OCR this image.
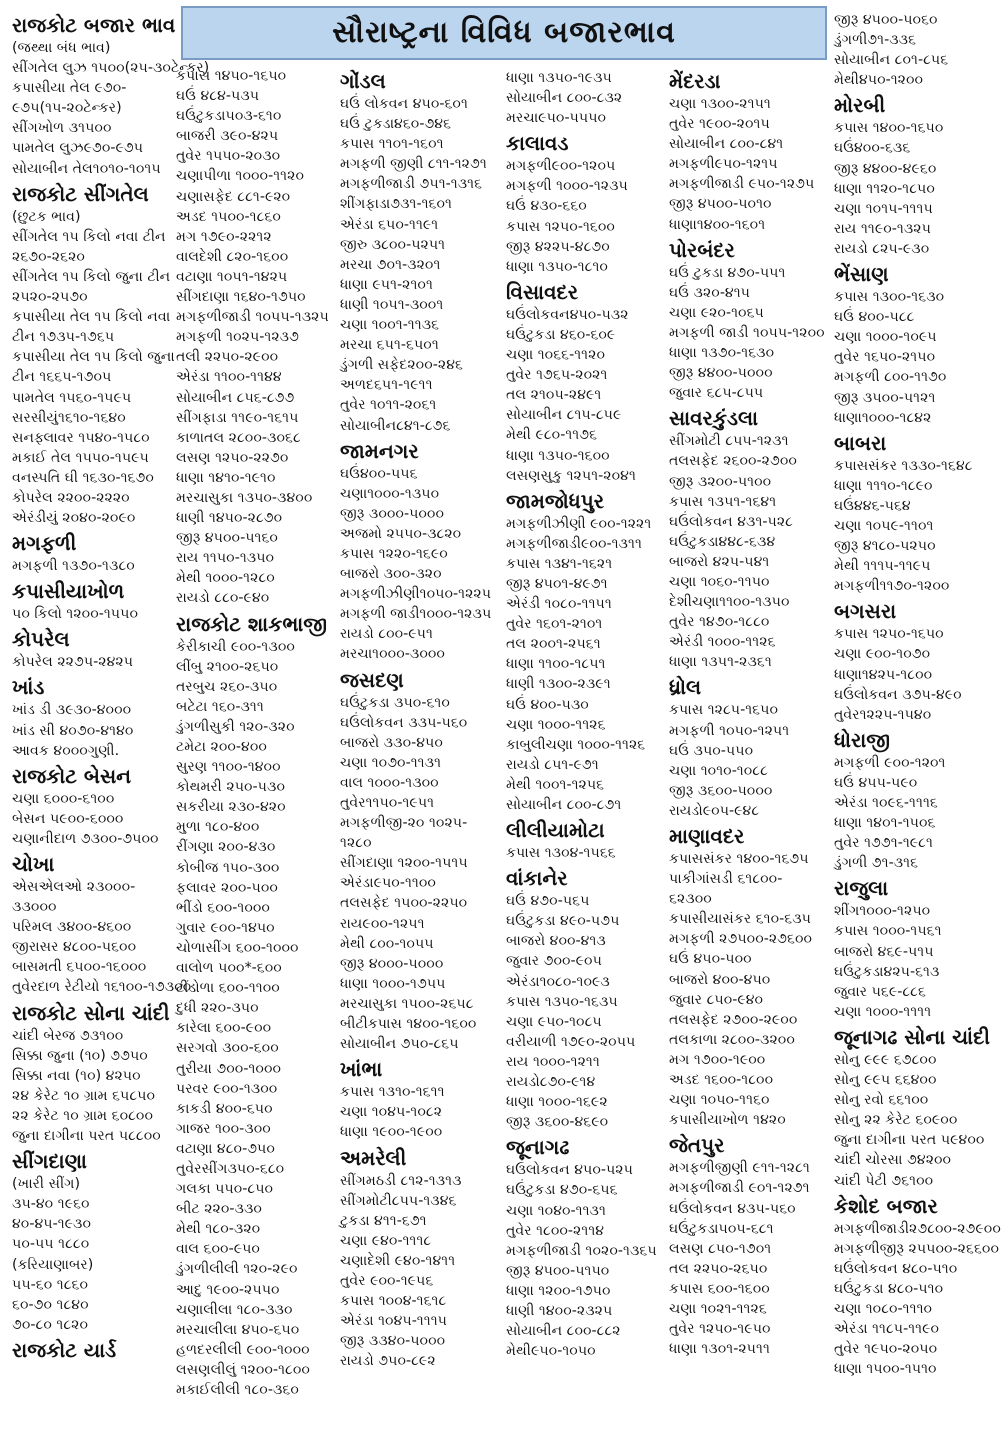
સૌરાષ્ટ્રના વિવિધ બજારભાવ
રાજકોટ બજાર ભાવ
(જથ્થા બંધ ભાવ)
સીંગતેલ લુઝ ૧૫૦૦(૨૫-૩૦ટેન્કર)
કપાસીયા તેલ ૯૭૦-
૯૭૫(૧૫-૨૦ટેન્કર)
સીંગખોળ ૩૧૫૦૦
પામતેલ લુઝ૯૭૦-૯૭૫
સોયાબીન તેલ૧૦૧૦-૧૦૧૫
રાજકોટ સીંગતેલ
(છુટક ભાવ)
સીંગતેલ ૧૫ કિલો નવા ટીન
૨૬૭૦-૨૬૨૦
સીંગતેલ ૧૫ કિલો જુના ટીન
૨૫૨૦-૨૫૭૦
કપાસીયા તેલ ૧૫ કિલો નવા
ટીન ૧૭૩૫-૧૭૬૫
કપાસીયા તેલ ૧૫ કિલો જુના
ટીન ૧૬૬૫-૧૭૦૫
પામતેલ ૧૫૬૦-૧૫૯૫
સરસીયું૧૬૧૦-૧૬૪૦
સનફ્લાવર ૧૫૪૦-૧૫૮૦
મકાઈ તેલ ૧૫૫૦-૧૫૯૫
વનસ્પતિ ઘી ૧૬૩૦-૧૬૭૦
કોપરેલ ૨૨૦૦-૨૨૨૦
એરંડીયું ૨૦૪૦-૨૦૯૦
મગફળી
મગફળી ૧૩૭૦-૧૩૮૦
કપાસીયાખોળ
૫૦ કિલો ૧૨૦૦-૧૫૫૦
કોપરેલ
કોપરેલ ૨૨૭૫-૨૪૨૫
ખાંડ
ખાંડ ડી ૩૯૩૦-૪૦૦૦
ખાંડ સી ૪૦૭૦-૪૧૪૦
આવક ૪૦૦૦ગુણી.
રાજકોટ બેસન
ચણા ૬૦૦૦-૬૧૦૦
બેસન ૫૯૦૦-૬૦૦૦
ચણાનીદાળ ૭૩૦૦-૭૫૦૦
ચોખા
એસએલઓ ૨૩૦૦૦-
૩૩૦૦૦
પરિમલ ૩૪૦૦-૪૬૦૦
જીરાસર ૪૮૦૦-૫૬૦૦
બાસમતી ૬૫૦૦-૧૬૦૦૦
તુવેરદાળ રેટીયો ૧૬૧૦૦-૧૭૩૦૦
રાજકોટ સોના ચાંદી
ચાંદી બેરજ ૭૩૧૦૦
સિક્કા જુના (૧૦) ૭૭૫૦
સિક્કા નવા (૧૦) ૪૨૫૦
૨૪ કેરેટ ૧૦ ગ્રામ ૬૫૮૫૦
૨૨ કેરેટ ૧૦ ગ્રામ ૬૦૮૦૦
જુના દાગીના પરત ૫૮૮૦૦
સીંગદાણા
(ખારી સીંગ)
૩૫-૪૦ ૧૯૬૦
૪૦-૪૫-૧૯૩૦
૫૦-૫૫ ૧૮૮૦
(કરિયાણાબર)
૫૫-૬૦ ૧૮૬૦
૬૦-૭૦ ૧૮૪૦
૭૦-૮૦ ૧૮૨૦
રાજકોટ યાર્ડ
કપાસ ૧૪૫૦-૧૬૫૦
ઘઉં ૪૮૪-૫૩૫
ઘઉંટુકડા૫૦૩-૬૧૦
બાજરી ૩૯૦-૪૨૫
તુવેર ૧૫૫૦-૨૦૩૦
ચણાપીળા ૧૦૦૦-૧૧૨૦
ચણાસફેદ ૮૮૧-૯૨૦
અડદ ૧૫૦૦-૧૮૬૦
મગ ૧૭૯૦-૨૨૧૨
વાલદેશી ૮૨૦-૧૬૦૦
વટાણા ૧૦૫૧-૧૪૨૫
સીંગદાણા ૧૬૪૦-૧૭૫૦
મગફળીજાડી ૧૦૫૫-૧૩૨૫
મગફળી ૧૦૨૫-૧૨૩૭
તલી ૨૨૫૦-૨૯૦૦
એરંડા ૧૧૦૦-૧૧૪૪
સોયાબીન ૮૫૬-૮૭૭
સીંગફાડા ૧૧૯૦-૧૬૧૫
કાળાતલ ૨૮૦૦-૩૦૬૮
લસણ ૧૨૫૦-૨૨૭૦
ધાણા ૧૪૧૦-૧૯૧૦
મરચાસુકા ૧૩૫૦-૩૪૦૦
ધાણી ૧૪૫૦-૨૮૭૦
જીરૂ ૪૫૦૦-૫૧૬૦
રાય ૧૧૫૦-૧૩૫૦
મેથી ૧૦૦૦-૧૨૮૦
રાયડો ૮૮૦-૯૪૦
રાજકોટ શાકભાજી
કેરીકાચી ૯૦૦-૧૩૦૦
લીંબુ ૨૧૦૦-૨૬૫૦
તરબુચ ૨૬૦-૩૫૦
બટેટા ૧૬૦-૩૧૧
ડુંગળીસુકી ૧૨૦-૩૨૦
ટમેટા ૨૦૦-૪૦૦
સુરણ ૧૧૦૦-૧૪૦૦
કોથમરી ૨૫૦-૫૩૦
સકરીયા ૨૩૦-૪૨૦
મુળા ૧૮૦-૪૦૦
રીંગણા ૨૦૦-૪૩૦
કોબીજ ૧૫૦-૩૦૦
ફલાવર ૨૦૦-૫૦૦
ભીંડો ૬૦૦-૧૦૦૦
ગુવાર ૯૦૦-૧૪૫૦
ચોળાસીંગ ૬૦૦-૧૦૦૦
વાલોળ ૫૦૦*-૬૦૦
ટીંડોળા ૬૦૦-૧૧૦૦
દુધી ૨૨૦-૩૫૦
કારેલા ૬૦૦-૯૦૦
સરગવો ૩૦૦-૬૦૦
તુરીયા ૭૦૦-૧૦૦૦
પરવર ૯૦૦-૧૩૦૦
કાકડી ૪૦૦-૬૫૦
ગાજર ૧૦૦-૩૦૦
વટાણા ૪૮૦-૭૫૦
તુવેરસીંગ૩૫૦-૬૮૦
ગલકા ૫૫૦-૮૫૦
બીટ ૨૨૦-૩૩૦
મેથી ૧૮૦-૩૨૦
વાલ ૬૦૦-૯૫૦
ડુંગળીલીલી ૧૨૦-૨૯૦
આદુ ૧૯૦૦-૨૫૫૦
ચણાલીલા ૧૮૦-૩૩૦
મરચાલીલા ૪૫૦-૬૫૦
હળદરલીલી ૯૦૦-૧૦૦૦
લસણલીલું ૧૨૦૦-૧૮૦૦
મકાઈલીલી ૧૮૦-૩૬૦
ગોંડલ
ઘઉં લોકવન ૪૫૦-૬૦૧
ઘઉં ટુકડા૪૬૦-૭૪૬
કપાસ ૧૧૦૧-૧૬૦૧
મગફળી જીણી ૮૧૧-૧૨૭૧
મગફળીજાડી ૭૫૧-૧૩૧૬
શીંગફાડા૭૩૧-૧૬૦૧
એરંડા ૬૫૦-૧૧૯૧
જીરુ ૩૮૦૦-૫૨૫૧
મરચા ૭૦૧-૩૨૦૧
ધાણા ૯૫૧-૨૧૦૧
ધાણી ૧૦૫૧-૩૦૦૧
ચણા ૧૦૦૧-૧૧૩૬
મરચા ૬૫૧-૬૫૦૧
ડુંગળી સફેદ૨૦૦-૨૪૬
અળદ૬૫૧-૧૯૧૧
તુવેર ૧૦૧૧-૨૦૬૧
સોયાબીન૮૪૧-૮૭૬
જામનગર
ઘઉં૪૦૦-૫૫૬
ચણા૧૦૦૦-૧૩૫૦
જીરૂ ૩૦૦૦-૫૦૦૦
અજમો ૨૫૫૦-૩૮૨૦
કપાસ ૧૨૨૦-૧૬૯૦
બાજરો ૩૦૦-૩૨૦
મગફળીઝીણી૧૦૫૦-૧૨૨૫
મગફળી જાડી૧૦૦૦-૧૨૩૫
રાયડો ૮૦૦-૯૫૧
મરચા૧૦૦૦-૩૦૦૦
જસદણ
ઘઉંટુકડા ૩૫૦-૬૧૦
ઘઉંલોકવન ૩૩૫-૫૬૦
બાજરો ૩૩૦-૪૫૦
ચણા ૧૦૭૦-૧૧૩૧
વાલ ૧૦૦૦-૧૩૦૦
તુવેર૧૧૫૦-૧૯૫૧
મગફળીજી-૨૦ ૧૦૨૫-
૧૨૮૦
સીંગદાણા ૧૨૦૦-૧૫૧૫
એરંડા૯૫૦-૧૧૦૦
તલસફેદ ૧૫૦૦-૨૨૫૦
રાય૯૦૦-૧૨૫૧
મેથી ૮૦૦-૧૦૫૫
જીરૂ ૪૦૦૦-૫૦૦૦
ધાણા ૧૦૦૦-૧૭૫૫
મરચાસુકા ૧૫૦૦-૨૬૫૮
બીટીકપાસ ૧૪૦૦-૧૬૦૦
સોયાબીન ૭૫૦-૮૬૫
ખાંભા
કપાસ ૧૩૧૦-૧૬૧૧
ચણા ૧૦૪૫-૧૦૮૨
ધાણા ૧૯૦૦-૧૯૦૦
અમરેલી
સીંગમઠડી ૮૧૨-૧૩૧૩
સીંગમોટી૮૫૫-૧૩૪૬
ટુકડા ૪૧૧-૬૭૧
ચણા ૯૪૦-૧૧૧૮
ચણાદેશી ૯૪૦-૧૪૧૧
તુવેર ૯૦૦-૧૯૫૬
કપાસ ૧૦૦૪-૧૬૧૮
એરંડા ૧૦૪૫-૧૧૧૫
જીરૂ ૩૩૪૦-૫૦૦૦
રાયડો ૭૫૦-૮૯૨
ધાણા ૧૩૫૦-૧૯૩૫
સોયાબીન ૮૦૦-૮૩૨
મરચા૯૫૦-૫૫૫૦
કાલાવડ
મગફળી૯૦૦-૧૨૦૫
મગફળી ૧૦૦૦-૧૨૩૫
ઘઉં ૪૩૦-૬૬૦
કપાસ ૧૨૫૦-૧૬૦૦
જીરૂ ૪૨૨૫-૪૮૭૦
ધાણા ૧૩૫૦-૧૮૧૦
વિસાવદર
ઘઉંલોકવન૪૫૦-૫૩૨
ઘઉંટુકડા ૪૬૦-૬૦૯
ચણા ૧૦૬૬-૧૧૨૦
તુવેર ૧૭૬૫-૨૦૨૧
તલ ૨૧૦૫-૨૪૯૧
સોયાબીન ૮૧૫-૮૫૯
મેથી ૯૮૦-૧૧૭૬
ધાણા ૧૩૫૦-૧૬૦૦
લસણસુકુ ૧૨૫૧-૨૦૪૧
જામજોધપુર
મગફળીઝીણી ૯૦૦-૧૨૨૧
મગફળીજાડી૯૦૦-૧૩૧૧
કપાસ ૧૩૪૧-૧૬૨૧
જીરૂ ૪૫૦૧-૪૯૭૧
એરંડી ૧૦૮૦-૧૧૫૧
તુવેર ૧૬૦૧-૨૧૦૧
તલ ૨૦૦૧-૨૫૬૧
ધાણા ૧૧૦૦-૧૮૫૧
ધાણી ૧૩૦૦-૨૩૯૧
ઘઉં ૪૦૦-૫૩૦
ચણા ૧૦૦૦-૧૧૨૬
કાબુલીચણા ૧૦૦૦-૧૧૨૬
રાયડો ૮૫૧-૯૭૧
મેથી ૧૦૦૧-૧૨૫૬
સોયાબીન ૮૦૦-૮૭૧
લીલીયામોટા
કપાસ ૧૩૦૪-૧૫૬૬
વાંકાનેર
ઘઉં ૪૭૦-૫૬૫
ઘઉંટુકડા ૪૯૦-૫૭૫
બાજરો ૪૦૦-૪૧૩
જુવાર ૭૦૦-૯૦૫
એરંડા૧૦૮૦-૧૦૯૩
કપાસ ૧૩૫૦-૧૬૩૫
ચણા ૯૫૦-૧૦૮૫
વરીયાળી ૧૭૯૦-૨૦૫૫
રાય ૧૦૦૦-૧૨૧૧
રાયડો૮૭૦-૯૧૪
ધાણા ૧૦૦૦-૧૬૯૨
જીરૂ ૩૬૦૦-૪૬૯૦
જૂનાગઢ
ઘઉંલોકવન ૪૫૦-૫૨૫
ઘઉંટુકડા ૪૭૦-૬૫૬
ચણા ૧૦૪૦-૧૧૩૧
તુવેર ૧૮૦૦-૨૧૧૪
મગફળીજાડી ૧૦૨૦-૧૩૬૫
જીરૂ ૪૫૦૦-૫૧૫૦
ધાણા ૧૨૦૦-૧૭૫૦
ધાણી ૧૪૦૦-૨૩૨૫
સોયાબીન ૮૦૦-૮૮૨
મેથી૯૫૦-૧૦૫૦
મેંદરડા
ચણા ૧૩૦૦-૨૧૫૧
તુવેર ૧૯૦૦-૨૦૧૫
સોયાબીન ૮૦૦-૮૪૧
મગફળી૯૫૦-૧૨૧૫
મગફળીજાડી ૯૫૦-૧૨૭૫
જીરૂ ૪૫૦૦-૫૦૧૦
ધાણા૧૪૦૦-૧૬૦૧
પોરબંદર
ઘઉં ટુકડા ૪૭૦-૫૫૧
ઘઉં ૩૨૦-૪૧૫
ચણા ૯૨૦-૧૦૬૫
મગફળી જાડી ૧૦૫૫-૧૨૦૦
ધાણા ૧૩૭૦-૧૬૩૦
જીરૂ ૪૪૦૦-૫૦૦૦
જુવાર ૬૮૫-૮૫૫
સાવરકુંડલા
સીંગમોટી ૮૫૫-૧૨૩૧
તલસફેદ ૨૬૦૦-૨૭૦૦
જીરૂ ૩૨૦૦-૫૧૦૦
કપાસ ૧૩૫૧-૧૬૪૧
ઘઉંલોકવન ૪૩૧-૫૨૮
ઘઉંટુકડા૪૪૮-૬૩૪
બાજરો ૪૨૫-૫૪૧
ચણા ૧૦૬૦-૧૧૫૦
દેશીચણા૧૧૦૦-૧૩૫૦
તુવેર ૧૪૭૦-૧૮૮૦
એરંડી ૧૦૦૦-૧૧૨૬
ધાણા ૧૩૫૧-૨૩૬૧
ધ્રોલ
કપાસ ૧૨૮૫-૧૬૫૦
મગફળી ૧૦૫૦-૧૨૫૧
ઘઉં ૩૫૦-૫૫૦
ચણા ૧૦૧૦-૧૦૮૮
જીરૂ ૩૬૦૦-૫૦૦૦
રાયડો૯૦૫-૯૪૮
માણાવદર
કપાસસંકર ૧૪૦૦-૧૬૭૫
પાકીગાંસડી ૬૧૮૦૦-
૬૨૩૦૦
કપાસીયાસંકર ૬૧૦-૬૩૫
મગફળી ૨૭૫૦૦-૨૭૬૦૦
ઘઉં ૪૫૦-૫૦૦
બાજરો ૪૦૦-૪૫૦
જુવાર ૮૫૦-૯૪૦
તલસફેદ ૨૭૦૦-૨૯૦૦
તલકાળા ૨૮૦૦-૩૨૦૦
મગ ૧૭૦૦-૧૯૦૦
અડદ ૧૬૦૦-૧૮૦૦
ચણા ૧૦૫૦-૧૧૬૦
કપાસીયાખોળ ૧૪૨૦
જેતપુર
મગફળીજીણી ૯૧૧-૧૨૮૧
મગફળીજાડી ૯૦૧-૧૨૭૧
ઘઉંલોકવન ૪૩૫-૫૬૦
ઘઉંટુકડા૫૦૫-૬૮૧
લસણ ૮૫૦-૧૭૦૧
તલ ૨૨૫૦-૨૬૫૦
કપાસ ૬૦૦-૧૬૦૦
ચણા ૧૦૨૧-૧૧૨૬
તુવેર ૧૨૫૦-૧૯૫૦
ધાણા ૧૩૦૧-૨૫૧૧
જીરૂ ૪૫૦૦-૫૦૬૦
ડુંગળી૭૧-૩૩૬
સોયાબીન ૮૦૧-૮૫૬
મેથી૪૫૦-૧૨૦૦
મોરબી
કપાસ ૧૪૦૦-૧૬૫૦
ઘઉં૪૦૦-૬૩૬
જીરૂ ૪૪૦૦-૪૯૬૦
ધાણા ૧૧૨૦-૧૮૫૦
ચણા ૧૦૧૫-૧૧૧૫
રાય ૧૧૯૦-૧૩૨૫
રાયડો ૮૨૫-૯૩૦
ભેંસાણ
કપાસ ૧૩૦૦-૧૬૩૦
ઘઉં ૪૦૦-૫૮૮
ચણા ૧૦૦૦-૧૦૯૫
તુવેર ૧૬૫૦-૨૧૫૦
મગફળી ૮૦૦-૧૧૭૦
જીરૂ ૩૫૦૦-૫૧૨૧
ધાણા૧૦૦૦-૧૮૪૨
બાબરા
કપાસસંકર ૧૩૩૦-૧૬૪૮
ધાણા ૧૧૧૦-૧૮૯૦
ઘઉં૪૪૬-૫૬૪
ચણા ૧૦૫૯-૧૧૦૧
જીરૂ ૪૧૮૦-૫૨૫૦
મેથી ૧૧૧૫-૧૧૯૫
મગફળી૧૧૭૦-૧૨૦૦
બગસરા
કપાસ ૧૨૫૦-૧૬૫૦
ચણા ૯૦૦-૧૦૭૦
ધાણા૧૪૨૫-૧૮૦૦
ઘઉંલોકવન ૩૭૫-૪૯૦
તુવેર૧૨૨૫-૧૫૪૦
ધોરાજી
મગફળી ૯૦૦-૧૨૦૧
ઘઉં ૪૫૫-૫૯૦
એરંડા ૧૦૯૬-૧૧૧૬
ધાણા ૧૪૦૧-૧૫૦૬
તુવેર ૧૭૭૧-૧૯૮૧
ડુંગળી ૭૧-૩૧૬
રાજુલા
શીંગ૧૦૦૦-૧૨૫૦
કપાસ ૧૦૦૦-૧૫૬૧
બાજરો ૪૬૯-૫૧૫
ઘઉંટુકડા૪૨૫-૬૧૩
જુવાર ૫૬૯-૮૮૬
ચણા ૧૦૦૦-૧૧૧૧
જૂનાગઢ સોના ચાંદી
સોનુ ૯૯૯ ૬૭૮૦૦
સોનુ ૯૯૫ ૬૬૪૦૦
સોનુ રવો ૬૬૧૦૦
સોનુ ૨૨ કેરેટ ૬૦૯૦૦
જુના દાગીના પરત ૫૯૪૦૦
ચાંદી ચોરસા ૭૪૨૦૦
ચાંદી પેટી ૭૬૧૦૦
કેશોદ બજાર
મગફળીજાડી૨૭૮૦૦-૨૭૯૦૦
મગફળીજીરૂ ૨૫૫૦૦-૨૬૬૦૦
ઘઉંલોકવન ૪૮૦-૫૧૦
ઘઉંટુકડા ૪૮૦-૫૧૦
ચણા ૧૦૮૦-૧૧૧૦
એરંડા ૧૧૮૫-૧૧૯૦
તુવેર ૧૯૫૦-૨૦૫૦
ધાણા ૧૫૦૦-૧૫૧૦
